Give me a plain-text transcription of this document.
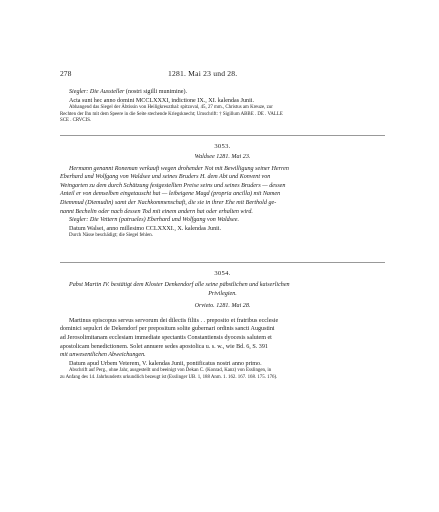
278	1281. Mai 23 und 28.

Siegler: Die Aussteller (nostri sigilli munimine).

Acta sunt hec anno domini MCCLXXXI, indictione IX., XI. kalendas Junii.

Abhangend das Siegel der Äbtissin von Heiligkreuzthal: spitzoval, 45, 27 mm., Christus am Kreuze, zur

Rechten der Ihn mit dem Speere in die Seite stechende Kriegsknecht; Umschrift: † Sigillum ABBE . DE . VALLE

SCE . CRVCIS.

3053.

Waldsee 1281. Mai 23.

Hermann genannt Roneman verkauft wegen drohender Not mit Bewilligung seiner Herren

Eberhard und Wolfgang von Waldsee und seines Bruders H. dem Abt und Konvent von

Weingarten zu dem durch Schätzung festgestellten Preise seins und seines Bruders — dessen

Anteil er von demselben eingetauscht hat — leibeigene Magd (propria ancilla) mit Namen

Diemmud (Diemudin) samt der Nachkommenschaft, die sie in ihrer Ehe mit Berthold ge-

nannt Bechelin oder nach dessen Tod mit einem andern hat oder erhalten wird.

Siegler: Die Vettern (patrueles) Eberhard und Wolfgang von Waldsee.

Datum Walsei, anno millesimo CCLXXXI., X. kalendas Junii.

Durch Nässe beschädigt; die Siegel fehlen.

3054.

Pabst Martin IV. bestätigt dem Kloster Denkendorf alle seine päbstlichen und kaiserlichen

Privilegien.

Orvieto. 1281. Mai 28.

Martinus episcopus servus servorum dei dilectis filiis . . preposito et fratribus ecclesie

dominici sepulcri de Dekendorf per prepositum solite gubernari ordinis sancti Augustini

ad Jerosolimitanam ecclesiam immediate spectantis Constantiensis dyocesis salutem et

apostolicam benedictionem. Solet annuere sedes apostolica u. s. w., wie Bd. 6, S. 391

mit unwesentlichen Abweichungen.

Datum apud Urbem Veterem, V. kalendas Junii, pontificatus nostri anno primo.

Abschrift auf Perg., ohne Jahr, ausgestellt und beeinigt von Dekan C. (Konrad, Kanz) von Esslingen, in

zu Anfang des 14. Jahrhunderts urkundlich bezeugt ist (Esslinger UB. 1, 188 Anm. 1. 162. 167. 168. 175. 176).
